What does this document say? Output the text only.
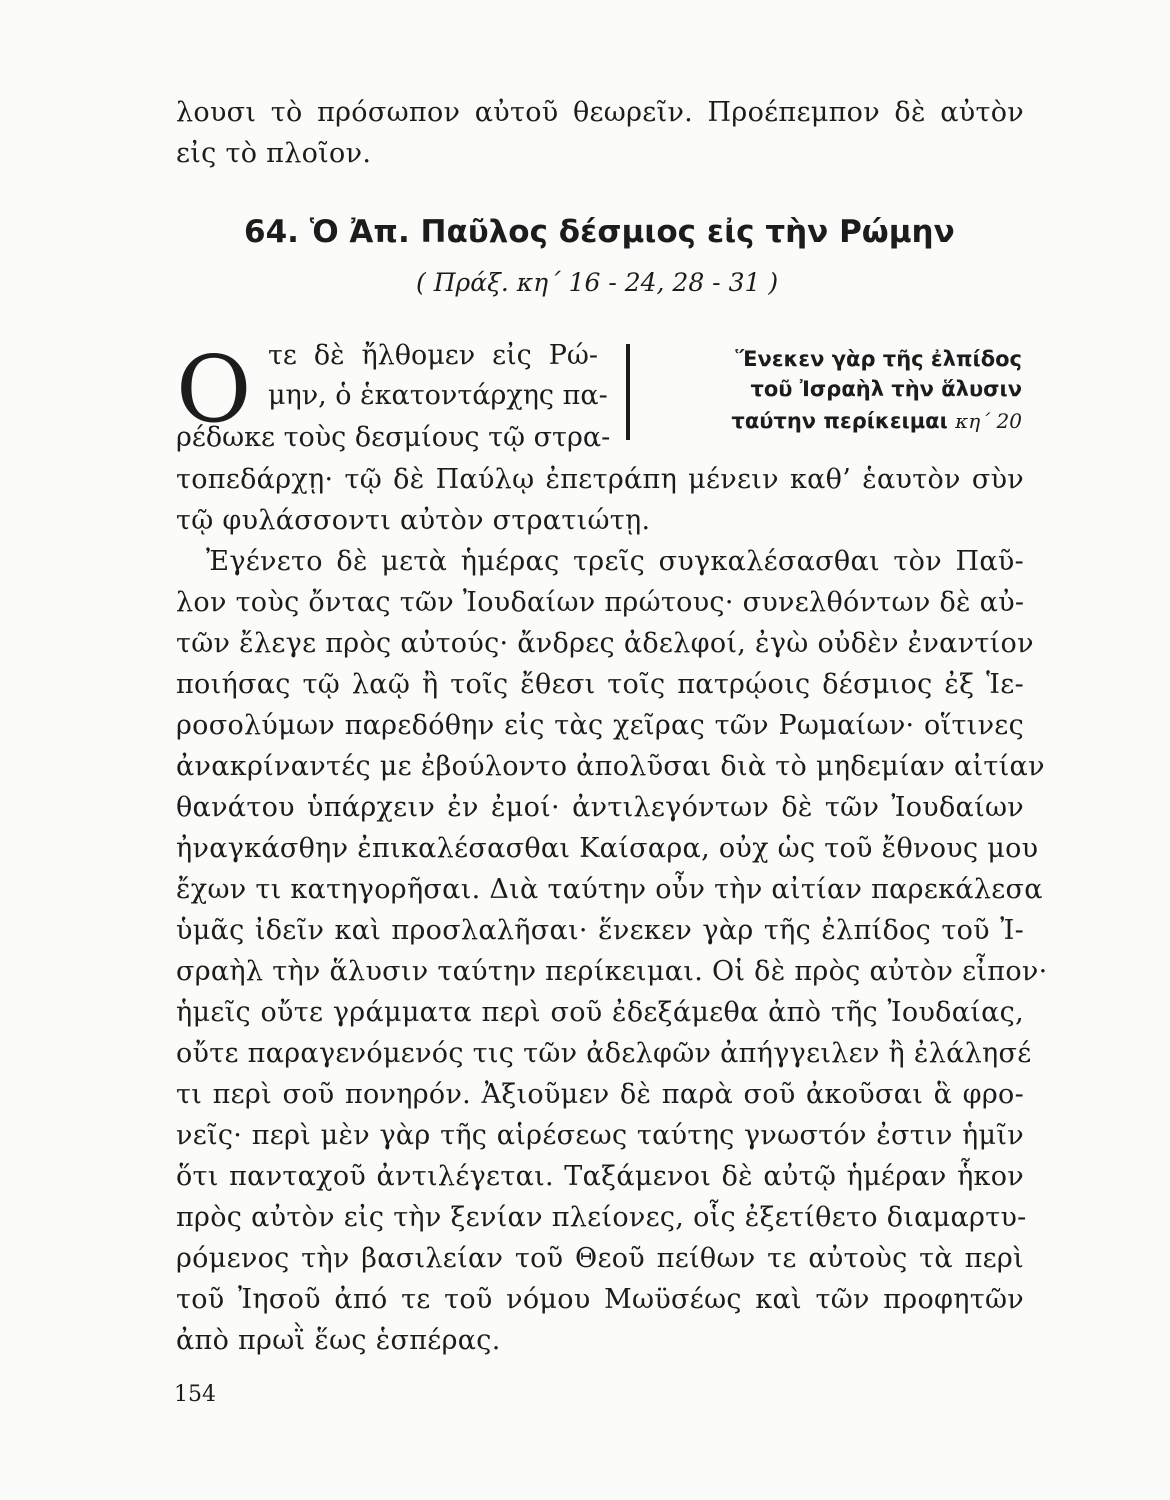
λουσι τὸ πρόσωπον αὐτοῦ θεωρεῖν. Προέπεμπον δὲ αὐτὸν
εἰς τὸ πλοῖον.
64. Ὁ Ἀπ. Παῦλος δέσμιος εἰς τὴν Ρώμην
( Πράξ. κη΄ 16 - 24, 28 - 31 )
Ο τε δὲ ἤλθομεν εἰς Ρώ-
μην, ὁ ἑκατοντάρχης πα-
ρέδωκε τοὺς δεσμίους τῷ στρα-
Ἕνεκεν γὰρ τῆς ἐλπίδος
τοῦ Ἰσραὴλ τὴν ἅλυσιν
ταύτην περίκειμαι κη΄ 20
τοπεδάρχῃ· τῷ δὲ Παύλῳ ἐπετράπη μένειν καθ’ ἑαυτὸν σὺν
τῷ φυλάσσοντι αὐτὸν στρατιώτῃ.
Ἐγένετο δὲ μετὰ ἡμέρας τρεῖς συγκαλέσασθαι τὸν Παῦ-
λον τοὺς ὄντας τῶν Ἰουδαίων πρώτους· συνελθόντων δὲ αὐ-
τῶν ἔλεγε πρὸς αὐτούς· ἄνδρες ἀδελφοί, ἐγὼ οὐδὲν ἐναντίον
ποιήσας τῷ λαῷ ἢ τοῖς ἔθεσι τοῖς πατρῴοις δέσμιος ἐξ Ἱε-
ροσολύμων παρεδόθην εἰς τὰς χεῖρας τῶν Ρωμαίων· οἵτινες
ἀνακρίναντές με ἐβούλοντο ἀπολῦσαι διὰ τὸ μηδεμίαν αἰτίαν
θανάτου ὑπάρχειν ἐν ἐμοί· ἀντιλεγόντων δὲ τῶν Ἰουδαίων
ἠναγκάσθην ἐπικαλέσασθαι Καίσαρα, οὐχ ὡς τοῦ ἔθνους μου
ἔχων τι κατηγορῆσαι. Διὰ ταύτην οὖν τὴν αἰτίαν παρεκάλεσα
ὑμᾶς ἰδεῖν καὶ προσλαλῆσαι· ἕνεκεν γὰρ τῆς ἐλπίδος τοῦ Ἰ-
σραὴλ τὴν ἅλυσιν ταύτην περίκειμαι. Οἱ δὲ πρὸς αὐτὸν εἶπον·
ἡμεῖς οὔτε γράμματα περὶ σοῦ ἐδεξάμεθα ἀπὸ τῆς Ἰουδαίας,
οὔτε παραγενόμενός τις τῶν ἀδελφῶν ἀπήγγειλεν ἢ ἐλάλησέ
τι περὶ σοῦ πονηρόν. Ἀξιοῦμεν δὲ παρὰ σοῦ ἀκοῦσαι ἃ φρο-
νεῖς· περὶ μὲν γὰρ τῆς αἱρέσεως ταύτης γνωστόν ἐστιν ἡμῖν
ὅτι πανταχοῦ ἀντιλέγεται. Ταξάμενοι δὲ αὐτῷ ἡμέραν ἧκον
πρὸς αὐτὸν εἰς τὴν ξενίαν πλείονες, οἷς ἐξετίθετο διαμαρτυ-
ρόμενος τὴν βασιλείαν τοῦ Θεοῦ πείθων τε αὐτοὺς τὰ περὶ
τοῦ Ἰησοῦ ἀπό τε τοῦ νόμου Μωϋσέως καὶ τῶν προφητῶν
ἀπὸ πρωῒ ἕως ἑσπέρας.
154
